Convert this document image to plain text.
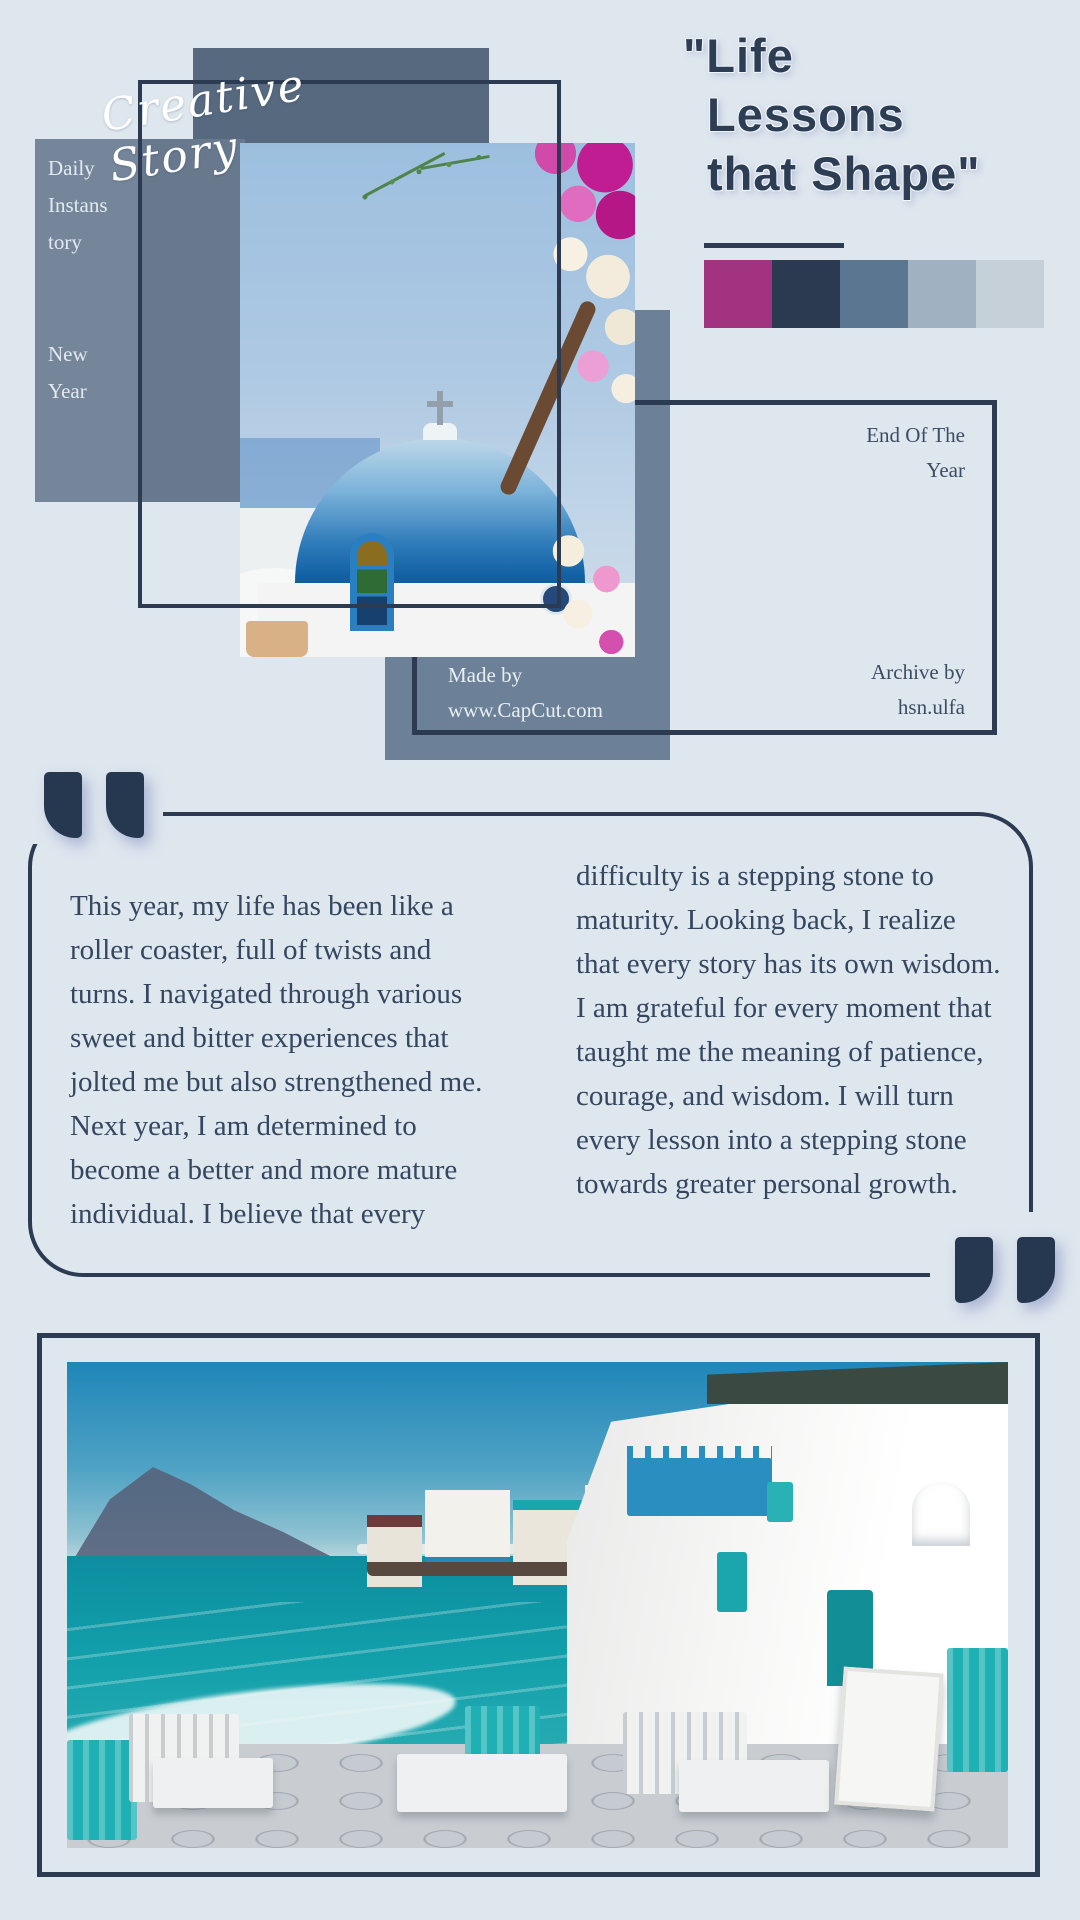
Daily
Instans
tory
New
Year
End Of The
Year
Archive by
hsn.ulfa
Made by
www.CapCut.com
Creative Story
"Life
Lessons
that Shape"
This year, my life has been like a
roller coaster, full of twists and
turns. I navigated through various
sweet and bitter experiences that
jolted me but also strengthened me.
Next year, I am determined to
become a better and more mature
individual. I believe that every
difficulty is a stepping stone to
maturity. Looking back, I realize
that every story has its own wisdom.
I am grateful for every moment that
taught me the meaning of patience,
courage, and wisdom. I will turn
every lesson into a stepping stone
towards greater personal growth.
